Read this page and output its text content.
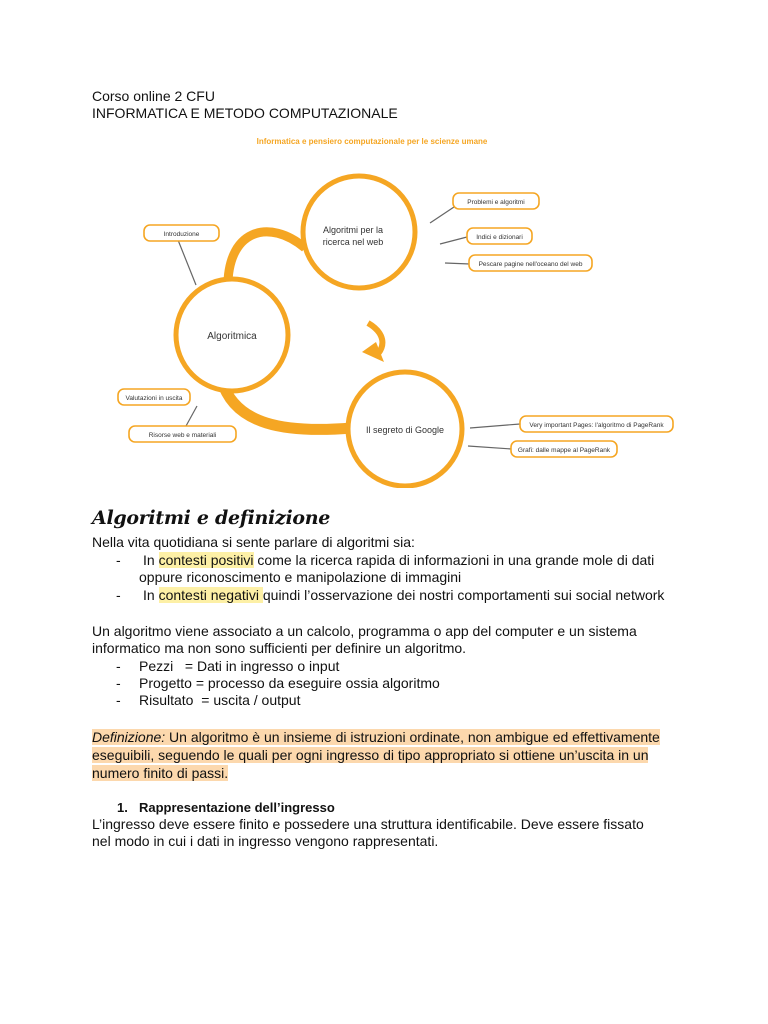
Corso online 2 CFU
INFORMATICA E METODO COMPUTAZIONALE
Informatica e pensiero computazionale per le scienze umane
Algoritmica
Algoritmi per la
ricerca nel web
Il segreto di Google
Introduzione
Valutazioni in uscita
Risorse web e materiali
Problemi e algoritmi
Indici e dizionari
Pescare pagine nell'oceano del web
Very important Pages: l'algoritmo di PageRank
Grafi: dalle mappe al PageRank
Algoritmi e definizione
Nella vita quotidiana si sente parlare di algoritmi sia:
- In contesti positivi come la ricerca rapida di informazioni in una grande mole di dati
oppure riconoscimento e manipolazione di immagini
- In contesti negativi quindi l’osservazione dei nostri comportamenti sui social network
Un algoritmo viene associato a un calcolo, programma o app del computer e un sistema
informatico ma non sono sufficienti per definire un algoritmo.
- Pezzi   = Dati in ingresso o input
- Progetto = processo da eseguire ossia algoritmo
- Risultato  = uscita / output
Definizione: Un algoritmo è un insieme di istruzioni ordinate, non ambigue ed effettivamente
eseguibili, seguendo le quali per ogni ingresso di tipo appropriato si ottiene un’uscita in un
numero finito di passi.
1. Rappresentazione dell’ingresso
L’ingresso deve essere finito e possedere una struttura identificabile. Deve essere fissato
nel modo in cui i dati in ingresso vengono rappresentati.
